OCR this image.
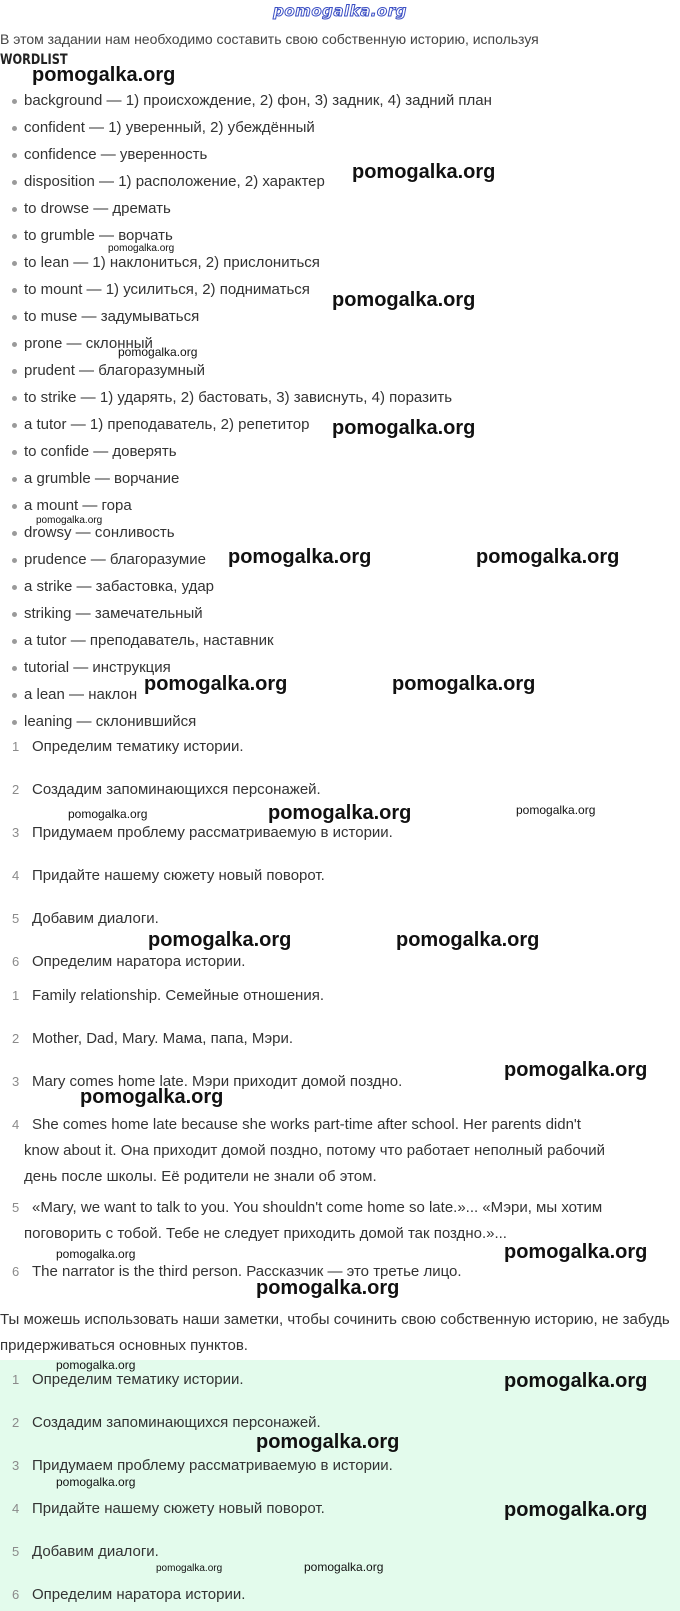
pomogalka.org
В этом задании нам необходимо составить свою собственную историю, используя
WORDLIST
background — 1) происхождение, 2) фон, 3) задник, 4) задний план
confident — 1) уверенный, 2) убеждённый
confidence — уверенность
disposition — 1) расположение, 2) характер
to drowse — дремать
to grumble — ворчать
to lean — 1) наклониться, 2) прислониться
to mount — 1) усилиться, 2) подниматься
to muse — задумываться
prone — склонный
prudent — благоразумный
to strike — 1) ударять, 2) бастовать, 3) зависнуть, 4) поразить
a tutor — 1) преподаватель, 2) репетитор
to confide — доверять
a grumble — ворчание
a mount — гора
drowsy — сонливость
prudence — благоразумие
a strike — забастовка, удар
striking — замечательный
a tutor — преподаватель, наставник
tutorial — инструкция
a lean — наклон
leaning — склонившийся
1 Определим тематику истории.
2 Создадим запоминающихся персонажей.
3 Придумаем проблему рассматриваемую в истории.
4 Придайте нашему сюжету новый поворот.
5 Добавим диалоги.
6 Определим наратора истории.
1 Family relationship. Семейные отношения.
2 Mother, Dad, Mary. Мама, папа, Мэри.
3 Mary comes home late. Мэри приходит домой поздно.
4 She comes home late because she works part-time after school. Her parents didn't
know about it. Она приходит домой поздно, потому что работает неполный рабочий
день после школы. Её родители не знали об этом.
5 «Mary, we want to talk to you. You shouldn't come home so late.»... «Мэри, мы хотим
поговорить с тобой. Тебе не следует приходить домой так поздно.»...
6 The narrator is the third person. Рассказчик — это третье лицо.
Ты можешь использовать наши заметки, чтобы сочинить свою собственную историю, не забудь придерживаться основных пунктов.
1 Определим тематику истории.
2 Создадим запоминающихся персонажей.
3 Придумаем проблему рассматриваемую в истории.
4 Придайте нашему сюжету новый поворот.
5 Добавим диалоги.
6 Определим наратора истории.
pomogalka.org
pomogalka.org
pomogalka.org
pomogalka.org
pomogalka.org
pomogalka.org
pomogalka.org
pomogalka.org	pomogalka.org
pomogalka.org	pomogalka.org
pomogalka.org	pomogalka.org	pomogalka.org
pomogalka.org	pomogalka.org
pomogalka.org
pomogalka.org
pomogalka.org	pomogalka.org
pomogalka.org
pomogalka.org
pomogalka.org
pomogalka.org
pomogalka.org
pomogalka.org
pomogalka.org	pomogalka.org
